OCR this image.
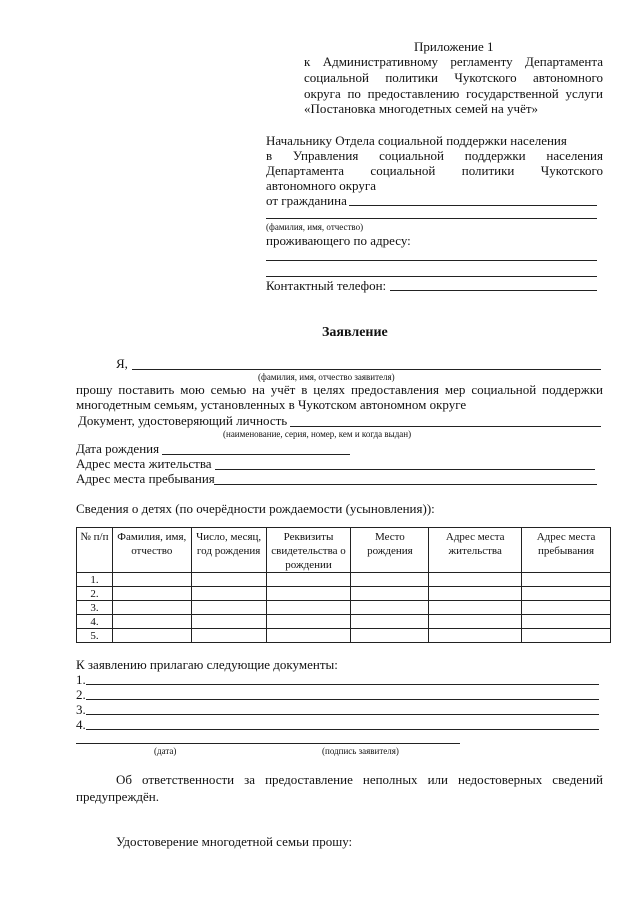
Приложение 1
к Административному регламенту Департамента
социальной политики Чукотского автономного
округа по предоставлению государственной услуги
«Постановка многодетных семей на учёт»
Начальнику Отдела социальной поддержки населения
в Управления социальной поддержки населения
Департамента социальной политики Чукотского
автономного округа
от гражданина
(фамилия, имя, отчество)
проживающего по адресу:
Контактный телефон:
Заявление
Я,
(фамилия, имя, отчество заявителя)
прошу поставить мою семью на учёт в целях предоставления мер социальной поддержки
многодетным семьям, установленных в Чукотском автономном округе
Документ, удостоверяющий личность
(наименование, серия, номер, кем и когда выдан)
Дата рождения
Адрес места жительства
Адрес места пребывания
Сведения о детях (по очерёдности рождаемости (усыновления)):
№ п/п	Фамилия, имя, отчество	Число, месяц, год рождения	Реквизиты свидетельства о рождении	Место рождения	Адрес места жительства	Адрес места пребывания
1.						
2.						
3.						
4.						
5.						
К заявлению прилагаю следующие документы:
1.
2.
3.
4.
(дата)	(подпись заявителя)
Об ответственности за предоставление неполных или недостоверных сведений
предупреждён.
Удостоверение многодетной семьи прошу:
